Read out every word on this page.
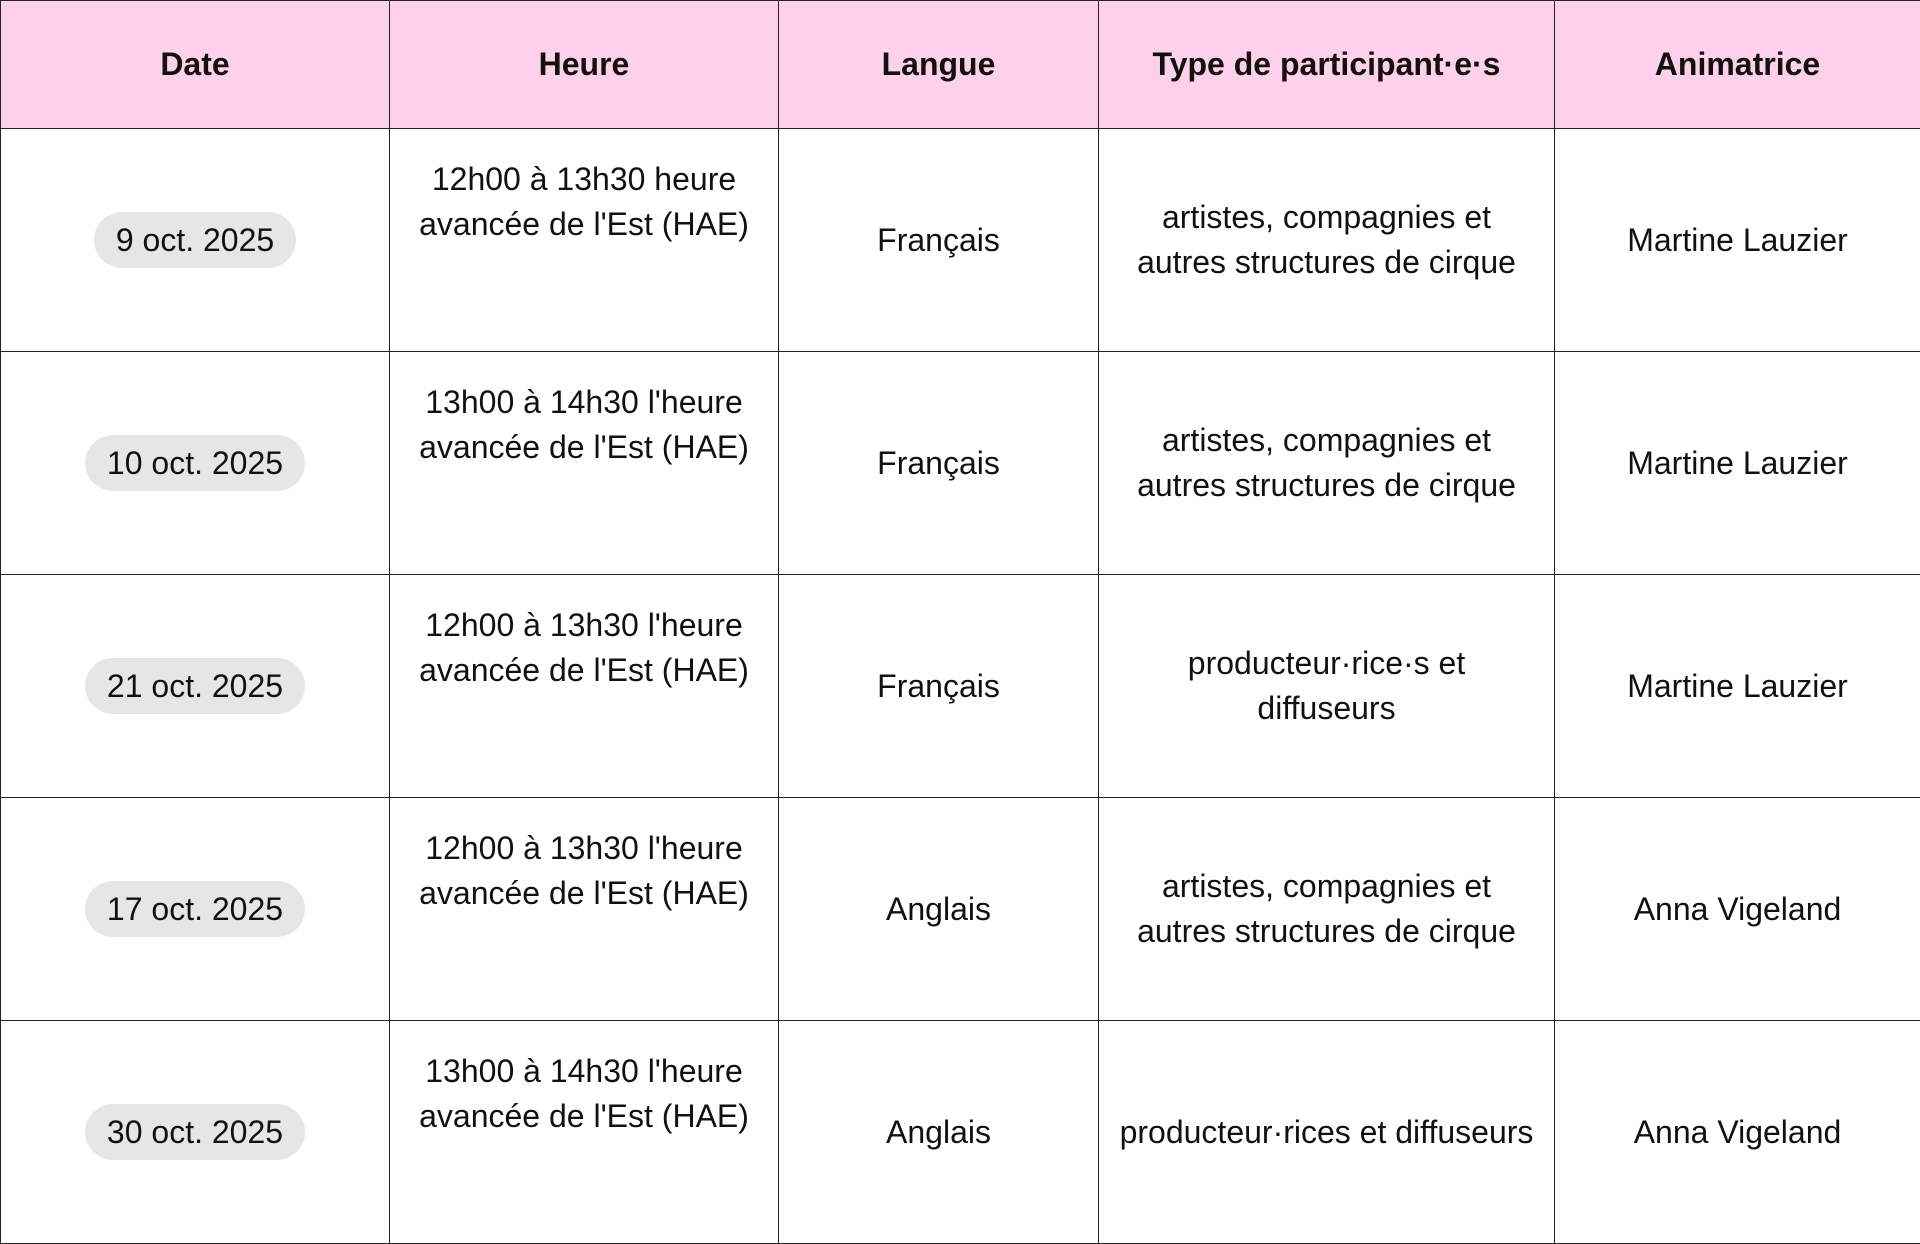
Date	Heure	Langue	Type de participant·e·s	Animatrice
9 oct. 2025	12h00 à 13h30 heure avancée de l'Est (HAE)	Français	artistes, compagnies et autres structures de cirque	Martine Lauzier
10 oct. 2025	13h00 à 14h30 l'heure avancée de l'Est (HAE)	Français	artistes, compagnies et autres structures de cirque	Martine Lauzier
21 oct. 2025	12h00 à 13h30 l'heure avancée de l'Est (HAE)	Français	producteur·rice·s et diffuseurs	Martine Lauzier
17 oct. 2025	12h00 à 13h30 l'heure avancée de l'Est (HAE)	Anglais	artistes, compagnies et autres structures de cirque	Anna Vigeland
30 oct. 2025	13h00 à 14h30 l'heure avancée de l'Est (HAE)	Anglais	producteur·rices et diffuseurs	Anna Vigeland
